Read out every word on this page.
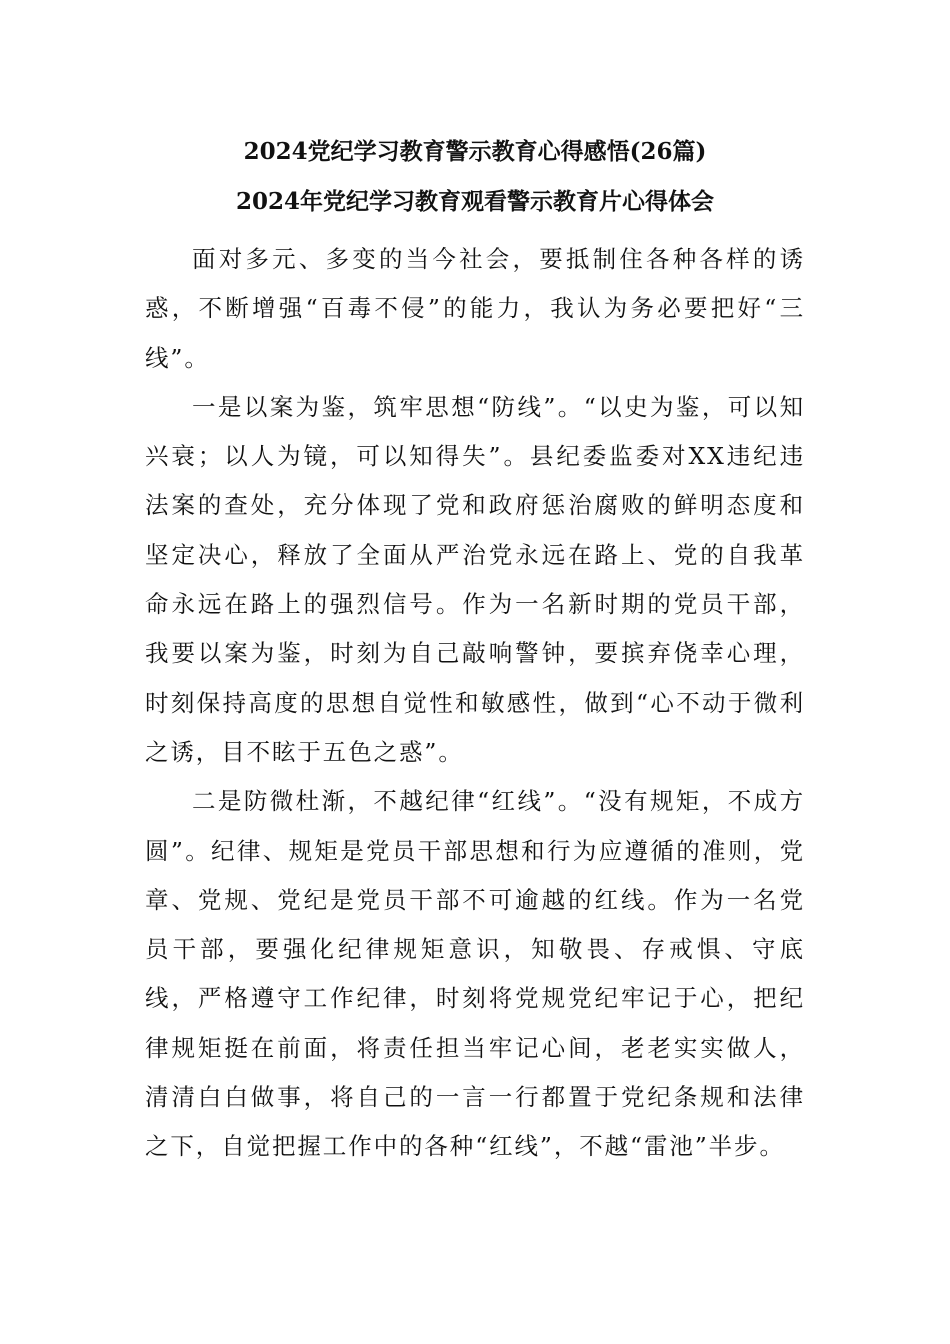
2024党纪学习教育警示教育心得感悟(26篇)
2024年党纪学习教育观看警示教育片心得体会

面对多元、多变的当今社会，要抵制住各种各样的诱惑，不断增强“百毒不侵”的能力，我认为务必要把好“三线”。

一是以案为鉴，筑牢思想“防线”。“以史为鉴，可以知兴衰；以人为镜，可以知得失”。县纪委监委对XX违纪违法案的查处，充分体现了党和政府惩治腐败的鲜明态度和坚定决心，释放了全面从严治党永远在路上、党的自我革命永远在路上的强烈信号。作为一名新时期的党员干部，我要以案为鉴，时刻为自己敲响警钟，要摈弃侥幸心理，时刻保持高度的思想自觉性和敏感性，做到“心不动于微利之诱，目不眩于五色之惑”。

二是防微杜渐，不越纪律“红线”。“没有规矩，不成方圆”。纪律、规矩是党员干部思想和行为应遵循的准则，党章、党规、党纪是党员干部不可逾越的红线。作为一名党员干部，要强化纪律规矩意识，知敬畏、存戒惧、守底线，严格遵守工作纪律，时刻将党规党纪牢记于心，把纪律规矩挺在前面，将责任担当牢记心间，老老实实做人，清清白白做事，将自己的一言一行都置于党纪条规和法律之下，自觉把握工作中的各种“红线”，不越“雷池”半步。
